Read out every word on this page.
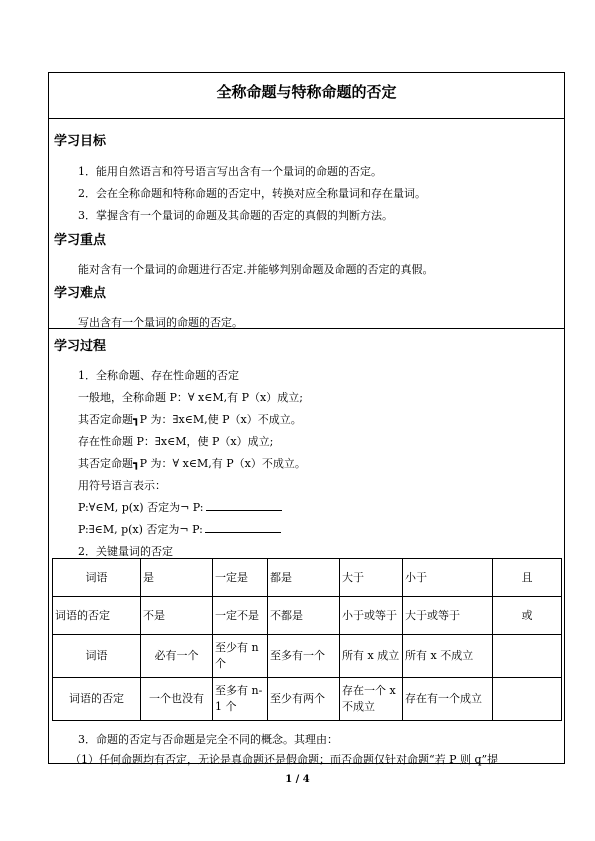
全称命题与特称命题的否定
学习目标
1．能用自然语言和符号语言写出含有一个量词的命题的否定。
2．会在全称命题和特称命题的否定中，转换对应全称量词和存在量词。
3．掌握含有一个量词的命题及其命题的否定的真假的判断方法。
学习重点
能对含有一个量词的命题进行否定.并能够判别命题及命题的否定的真假。
学习难点
写出含有一个量词的命题的否定。
学习过程
1．全称命题、存在性命题的否定
一般地，全称命题 P：∀ x∈M,有 P（x）成立;
其否定命题┓P 为：∃x∈M,使 P（x）不成立。
存在性命题 P：∃x∈M，使 P（x）成立;
其否定命题┓P 为：∀ x∈M,有 P（x）不成立。
用符号语言表示：
P:∀∈M, p(x) 否定为¬ P:
P:∃∈M, p(x) 否定为¬ P:
2．关键量词的否定
词语	是	一定是	都是	大于	小于	且
词语的否定	不是	一定不是	不都是	小于或等于	大于或等于	或
词语	必有一个	至少有 n 个	至多有一个	所有 x 成立	所有 x 不成立	
词语的否定	一个也没有	至多有 n-1 个	至少有两个	存在一个 x 不成立	存在有一个成立	
3．命题的否定与否命题是完全不同的概念。其理由：
（1）任何命题均有否定，无论是真命题还是假命题；而否命题仅针对命题“若 P 则 q”提
1 / 4
